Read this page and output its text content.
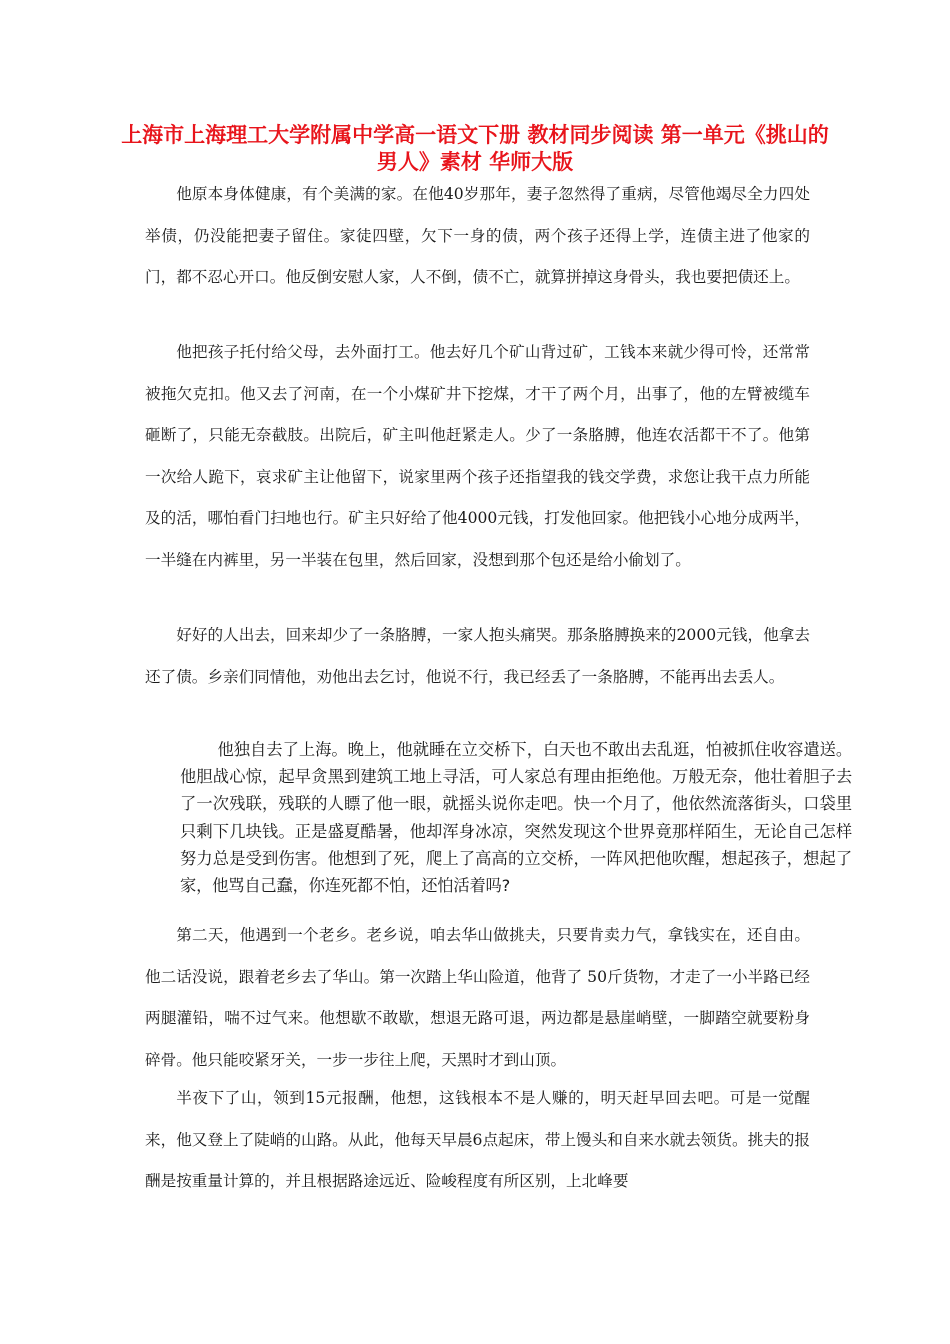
上海市上海理工大学附属中学高一语文下册 教材同步阅读 第一单元《挑山的男人》素材 华师大版

他原本身体健康，有个美满的家。在他40岁那年，妻子忽然得了重病，尽管他竭尽全力四处举债，仍没能把妻子留住。家徒四壁，欠下一身的债，两个孩子还得上学，连债主进了他家的门，都不忍心开口。他反倒安慰人家，人不倒，债不亡，就算拼掉这身骨头，我也要把债还上。

他把孩子托付给父母，去外面打工。他去好几个矿山背过矿，工钱本来就少得可怜，还常常被拖欠克扣。他又去了河南，在一个小煤矿井下挖煤，才干了两个月，出事了，他的左臂被缆车砸断了，只能无奈截肢。出院后，矿主叫他赶紧走人。少了一条胳膊，他连农活都干不了。他第一次给人跪下，哀求矿主让他留下，说家里两个孩子还指望我的钱交学费，求您让我干点力所能及的活，哪怕看门扫地也行。矿主只好给了他4000元钱，打发他回家。他把钱小心地分成两半，一半缝在内裤里，另一半装在包里，然后回家，没想到那个包还是给小偷划了。

好好的人出去，回来却少了一条胳膊，一家人抱头痛哭。那条胳膊换来的2000元钱，他拿去还了债。乡亲们同情他，劝他出去乞讨，他说不行，我已经丢了一条胳膊，不能再出去丢人。

他独自去了上海。晚上，他就睡在立交桥下，白天也不敢出去乱逛，怕被抓住收容遣送。他胆战心惊，起早贪黑到建筑工地上寻活，可人家总有理由拒绝他。万般无奈，他壮着胆子去了一次残联，残联的人瞟了他一眼，就摇头说你走吧。快一个月了，他依然流落街头，口袋里只剩下几块钱。正是盛夏酷暑，他却浑身冰凉，突然发现这个世界竟那样陌生，无论自己怎样努力总是受到伤害。他想到了死，爬上了高高的立交桥，一阵风把他吹醒，想起孩子，想起了家，他骂自己蠢，你连死都不怕，还怕活着吗?

第二天，他遇到一个老乡。老乡说，咱去华山做挑夫，只要肯卖力气，拿钱实在，还自由。他二话没说，跟着老乡去了华山。第一次踏上华山险道，他背了 50斤货物，才走了一小半路已经两腿灌铅，喘不过气来。他想歇不敢歇，想退无路可退，两边都是悬崖峭壁，一脚踏空就要粉身碎骨。他只能咬紧牙关，一步一步往上爬，天黑时才到山顶。

半夜下了山，领到15元报酬，他想，这钱根本不是人赚的，明天赶早回去吧。可是一觉醒来，他又登上了陡峭的山路。从此，他每天早晨6点起床，带上馒头和自来水就去领货。挑夫的报酬是按重量计算的，并且根据路途远近、险峻程度有所区别，上北峰要
